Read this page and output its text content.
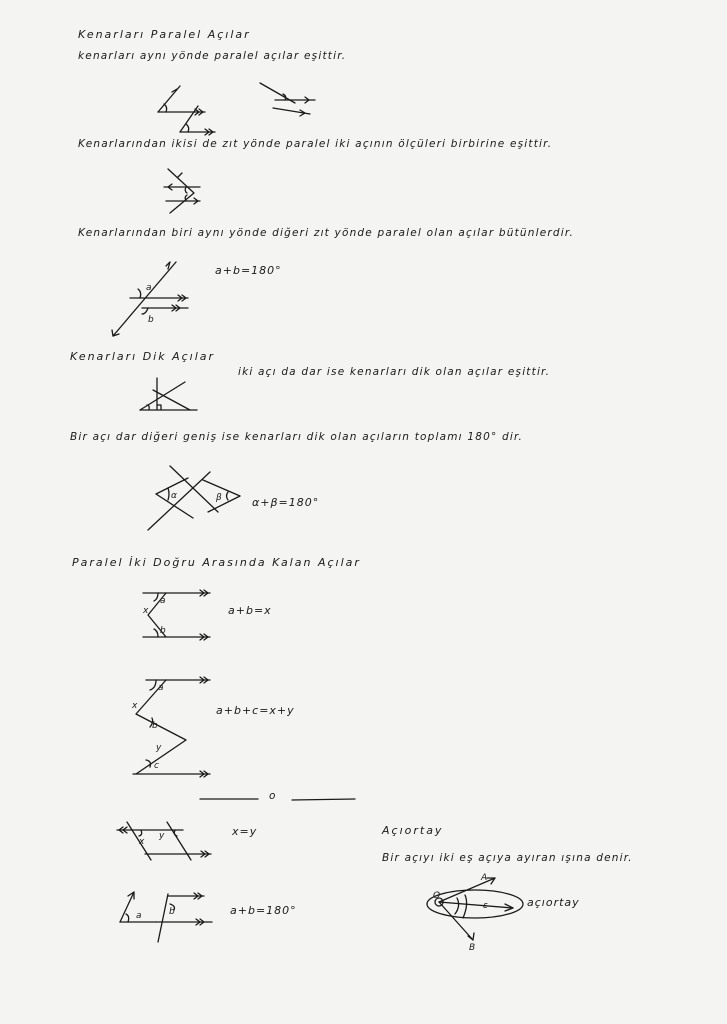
Kenarları Paralel Açılar
kenarları aynı yönde paralel açılar eşittir.
Kenarlarından ikisi de zıt yönde paralel iki açının ölçüleri birbirine eşittir.
Kenarlarından biri aynı yönde diğeri zıt yönde paralel olan açılar bütünlerdir.
a
b
a+b=180°
Kenarları Dik Açılar
iki açı da dar ise kenarları dik olan açılar eşittir.
Bir açı dar diğeri geniş ise kenarları dik olan açıların toplamı 180° dir.
α	β	α+β=180°
Paralel İki Doğru Arasında Kalan Açılar
x
a
b
a+b=x
x
a
b
y
c
a+b+c=x+y
o
x
y	x=y
a	b	a+b=180°
Açıortay
Bir açıyı iki eş açıya ayıran ışına denir.
A
B
O
ε	açıortay
